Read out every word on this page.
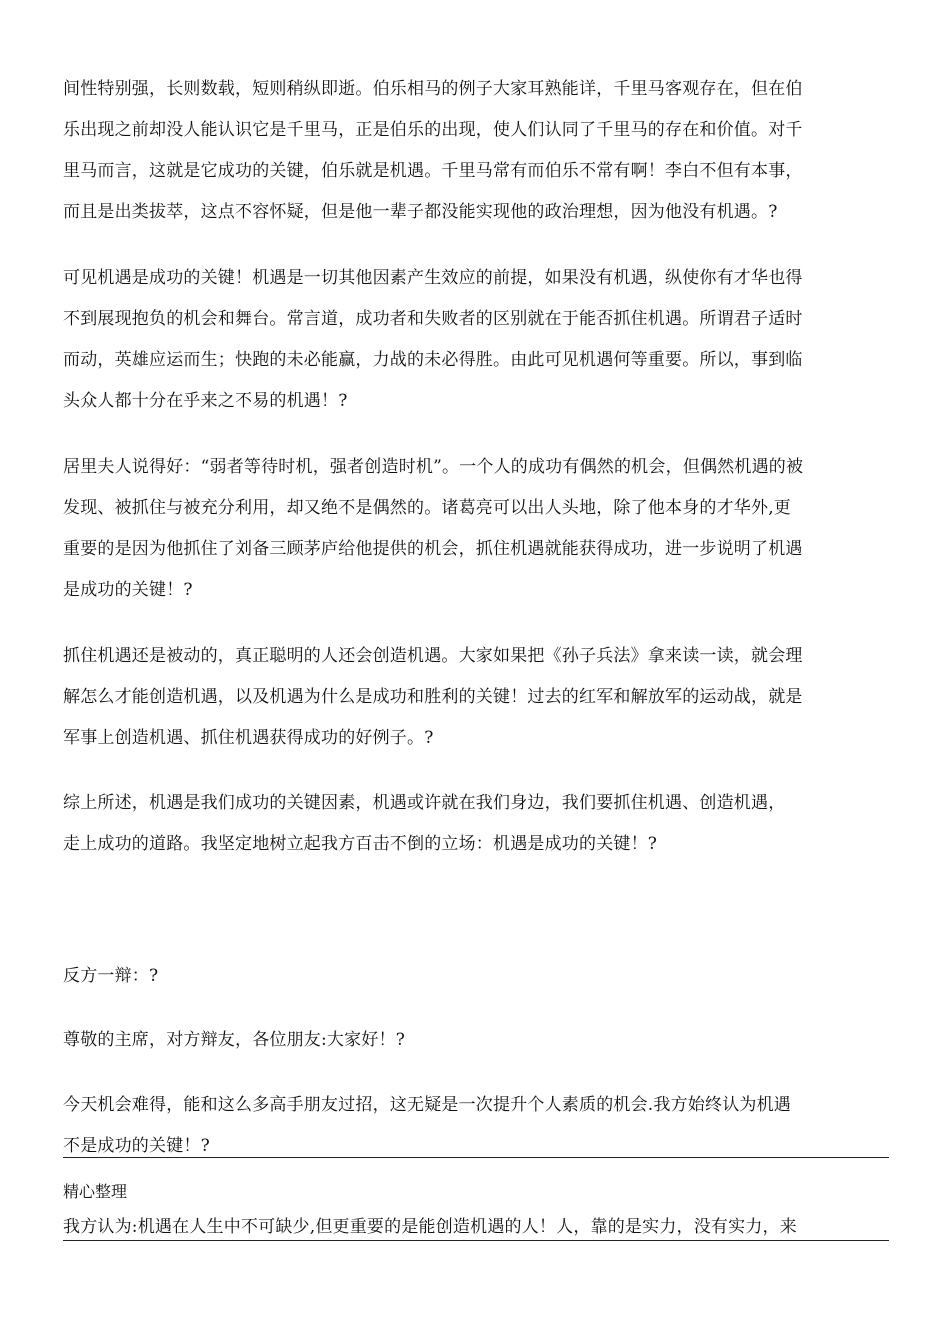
间性特别强，长则数载，短则稍纵即逝。伯乐相马的例子大家耳熟能详，千里马客观存在，但在伯
乐出现之前却没人能认识它是千里马，正是伯乐的出现，使人们认同了千里马的存在和价值。对千
里马而言，这就是它成功的关键，伯乐就是机遇。千里马常有而伯乐不常有啊！李白不但有本事，
而且是出类拔萃，这点不容怀疑，但是他一辈子都没能实现他的政治理想，因为他没有机遇。?
可见机遇是成功的关键！机遇是一切其他因素产生效应的前提，如果没有机遇，纵使你有才华也得
不到展现抱负的机会和舞台。常言道，成功者和失败者的区别就在于能否抓住机遇。所谓君子适时
而动，英雄应运而生；快跑的未必能赢，力战的未必得胜。由此可见机遇何等重要。所以，事到临
头众人都十分在乎来之不易的机遇！?
居里夫人说得好：“弱者等待时机，强者创造时机”。一个人的成功有偶然的机会，但偶然机遇的被
发现、被抓住与被充分利用，却又绝不是偶然的。诸葛亮可以出人头地，除了他本身的才华外,更
重要的是因为他抓住了刘备三顾茅庐给他提供的机会，抓住机遇就能获得成功，进一步说明了机遇
是成功的关键！?
抓住机遇还是被动的，真正聪明的人还会创造机遇。大家如果把《孙子兵法》拿来读一读，就会理
解怎么才能创造机遇，以及机遇为什么是成功和胜利的关键！过去的红军和解放军的运动战，就是
军事上创造机遇、抓住机遇获得成功的好例子。?
综上所述，机遇是我们成功的关键因素，机遇或许就在我们身边，我们要抓住机遇、创造机遇，
走上成功的道路。我坚定地树立起我方百击不倒的立场：机遇是成功的关键！?
反方一辩：?
尊敬的主席，对方辩友，各位朋友:大家好！?
今天机会难得，能和这么多高手朋友过招，这无疑是一次提升个人素质的机会.我方始终认为机遇
不是成功的关键！?
精心整理
我方认为:机遇在人生中不可缺少,但更重要的是能创造机遇的人！人，靠的是实力，没有实力，来
